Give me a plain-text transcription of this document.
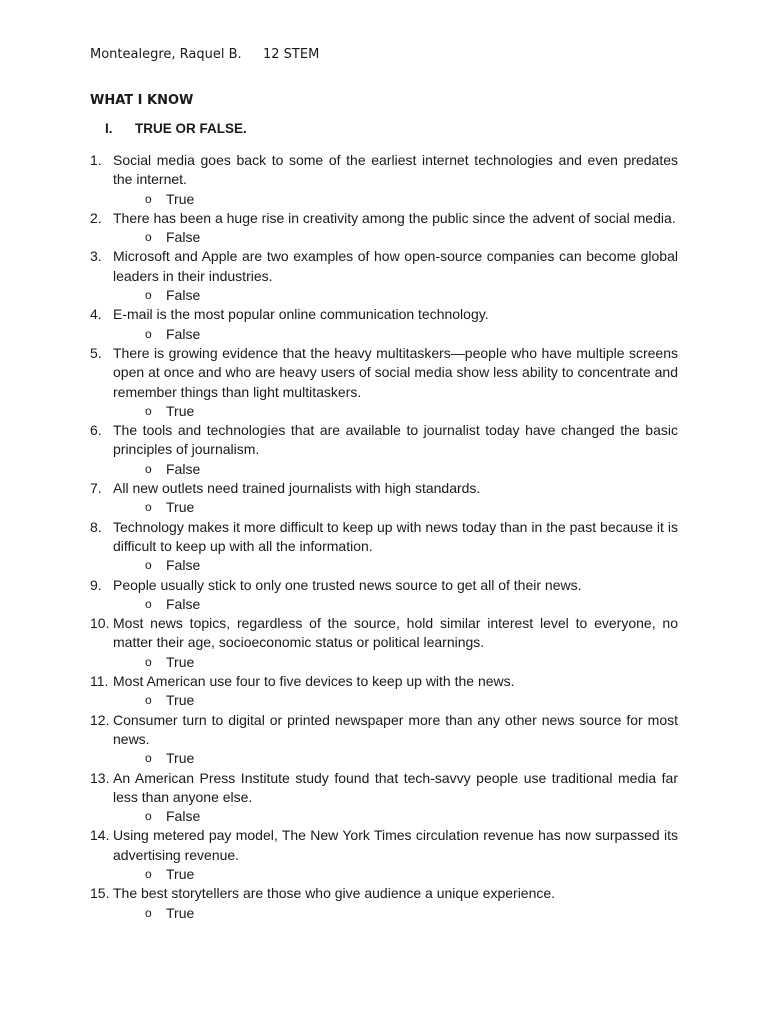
Montealegre, Raquel B. 12 STEM
WHAT I KNOW
I. TRUE OR FALSE.
1. Social media goes back to some of the earliest internet technologies and even predates the internet.
o True
2. There has been a huge rise in creativity among the public since the advent of social media.
o False
3. Microsoft and Apple are two examples of how open-source companies can become global leaders in their industries.
o False
4. E-mail is the most popular online communication technology.
o False
5. There is growing evidence that the heavy multitaskers—people who have multiple screens open at once and who are heavy users of social media show less ability to concentrate and remember things than light multitaskers.
o True
6. The tools and technologies that are available to journalist today have changed the basic principles of journalism.
o False
7. All new outlets need trained journalists with high standards.
o True
8. Technology makes it more difficult to keep up with news today than in the past because it is difficult to keep up with all the information.
o False
9. People usually stick to only one trusted news source to get all of their news.
o False
10. Most news topics, regardless of the source, hold similar interest level to everyone, no matter their age, socioeconomic status or political learnings.
o True
11. Most American use four to five devices to keep up with the news.
o True
12. Consumer turn to digital or printed newspaper more than any other news source for most news.
o True
13. An American Press Institute study found that tech-savvy people use traditional media far less than anyone else.
o False
14. Using metered pay model, The New York Times circulation revenue has now surpassed its advertising revenue.
o True
15. The best storytellers are those who give audience a unique experience.
o True
